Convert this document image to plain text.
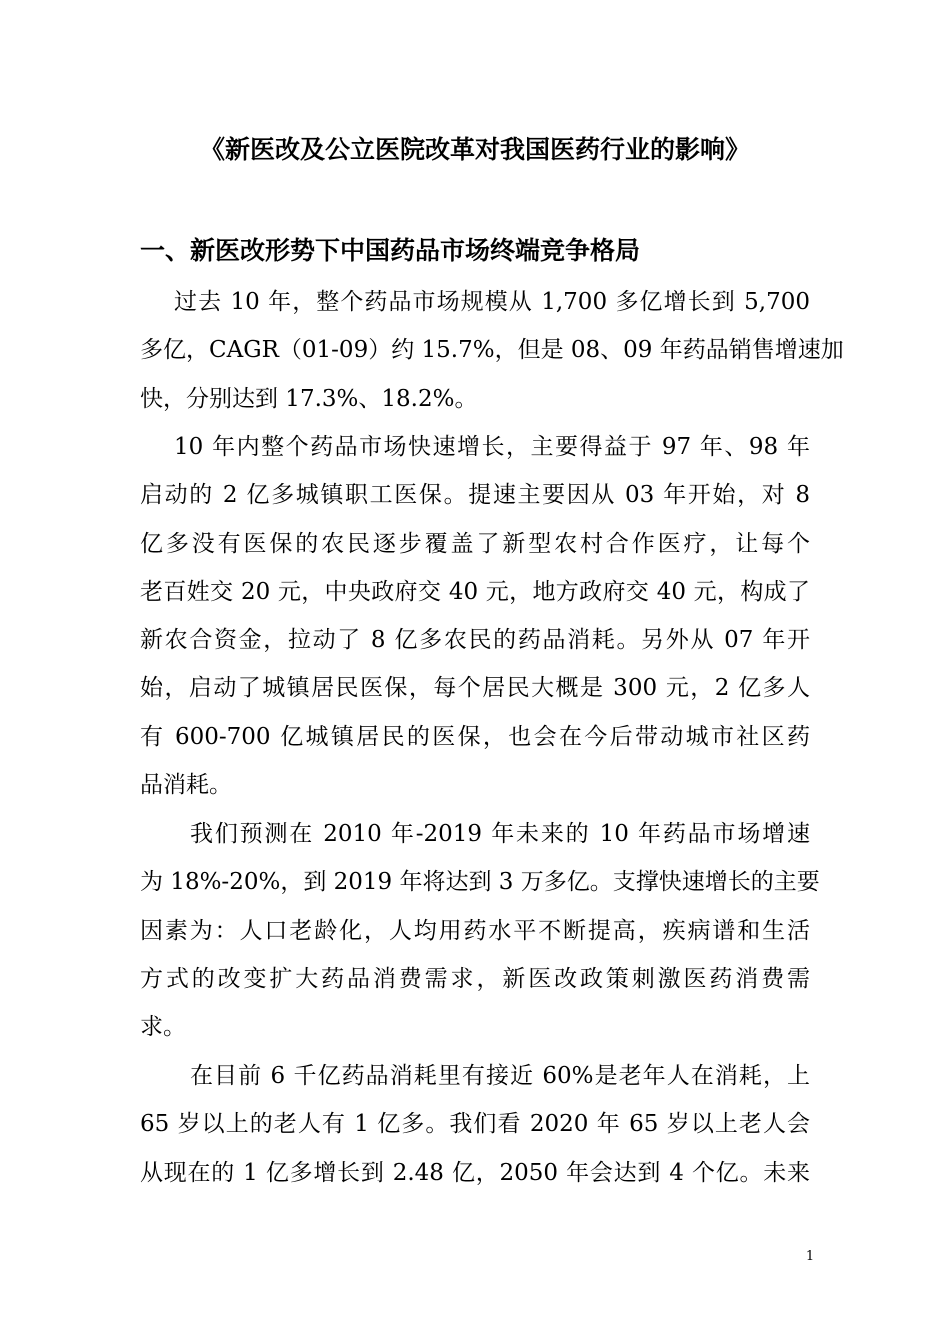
《新医改及公立医院改革对我国医药行业的影响》
一、新医改形势下中国药品市场终端竞争格局
过去 10 年，整个药品市场规模从 1,700 多亿增长到 5,700
多亿，CAGR（01-09）约 15.7%，但是 08、09 年药品销售增速加
快，分别达到 17.3%、18.2%。
10 年内整个药品市场快速增长，主要得益于 97 年、98 年
启动的 2 亿多城镇职工医保。提速主要因从 03 年开始，对 8
亿多没有医保的农民逐步覆盖了新型农村合作医疗，让每个
老百姓交 20 元，中央政府交 40 元，地方政府交 40 元，构成了
新农合资金，拉动了 8 亿多农民的药品消耗。另外从 07 年开
始，启动了城镇居民医保，每个居民大概是 300 元，2 亿多人
有 600-700 亿城镇居民的医保，也会在今后带动城市社区药
品消耗。
我们预测在 2010 年-2019 年未来的 10 年药品市场增速
为 18%-20%，到 2019 年将达到 3 万多亿。支撑快速增长的主要
因素为：人口老龄化，人均用药水平不断提高，疾病谱和生活
方式的改变扩大药品消费需求，新医改政策刺激医药消费需
求。
在目前 6 千亿药品消耗里有接近 60%是老年人在消耗，上
65 岁以上的老人有 1 亿多。我们看 2020 年 65 岁以上老人会
从现在的 1 亿多增长到 2.48 亿，2050 年会达到 4 个亿。未来
1
